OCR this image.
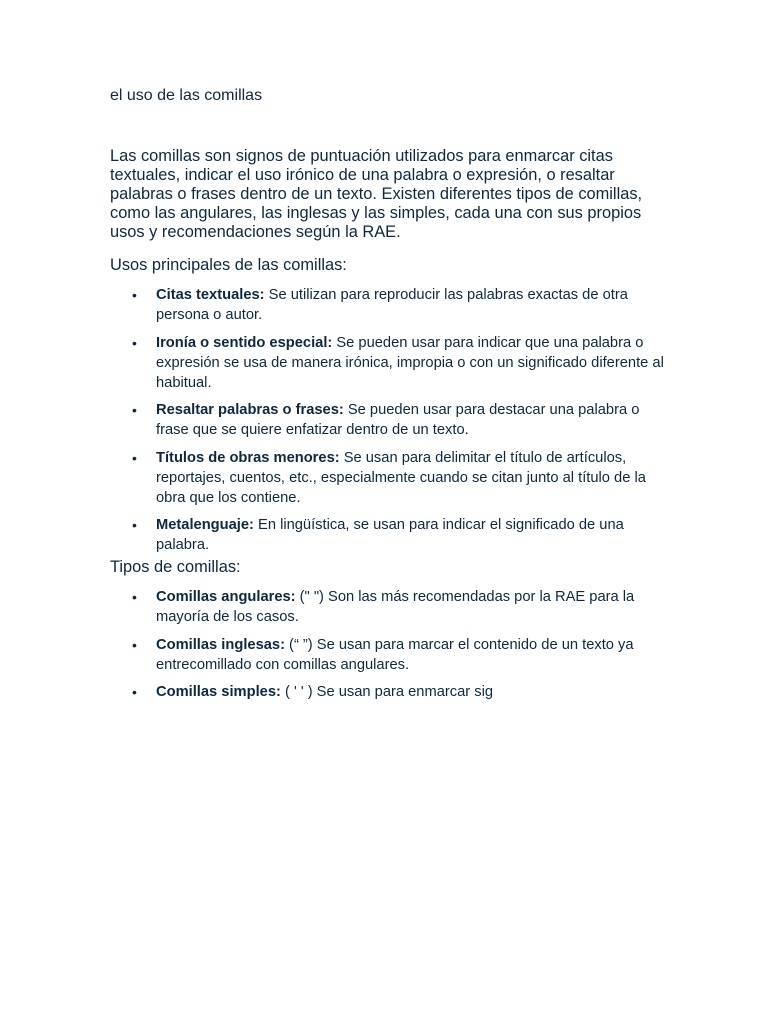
el uso de las comillas

Las comillas son signos de puntuación utilizados para enmarcar citas textuales, indicar el uso irónico de una palabra o expresión, o resaltar palabras o frases dentro de un texto. Existen diferentes tipos de comillas, como las angulares, las inglesas y las simples, cada una con sus propios usos y recomendaciones según la RAE.

Usos principales de las comillas:
• Citas textuales: Se utilizan para reproducir las palabras exactas de otra persona o autor.
• Ironía o sentido especial: Se pueden usar para indicar que una palabra o expresión se usa de manera irónica, impropia o con un significado diferente al habitual.
• Resaltar palabras o frases: Se pueden usar para destacar una palabra o frase que se quiere enfatizar dentro de un texto.
• Títulos de obras menores: Se usan para delimitar el título de artículos, reportajes, cuentos, etc., especialmente cuando se citan junto al título de la obra que los contiene.
• Metalenguaje: En lingüística, se usan para indicar el significado de una palabra.
Tipos de comillas:
• Comillas angulares: (" ") Son las más recomendadas por la RAE para la mayoría de los casos.
• Comillas inglesas: (“ ”) Se usan para marcar el contenido de un texto ya entrecomillado con comillas angulares.
• Comillas simples: ( ' ' ) Se usan para enmarcar sig
